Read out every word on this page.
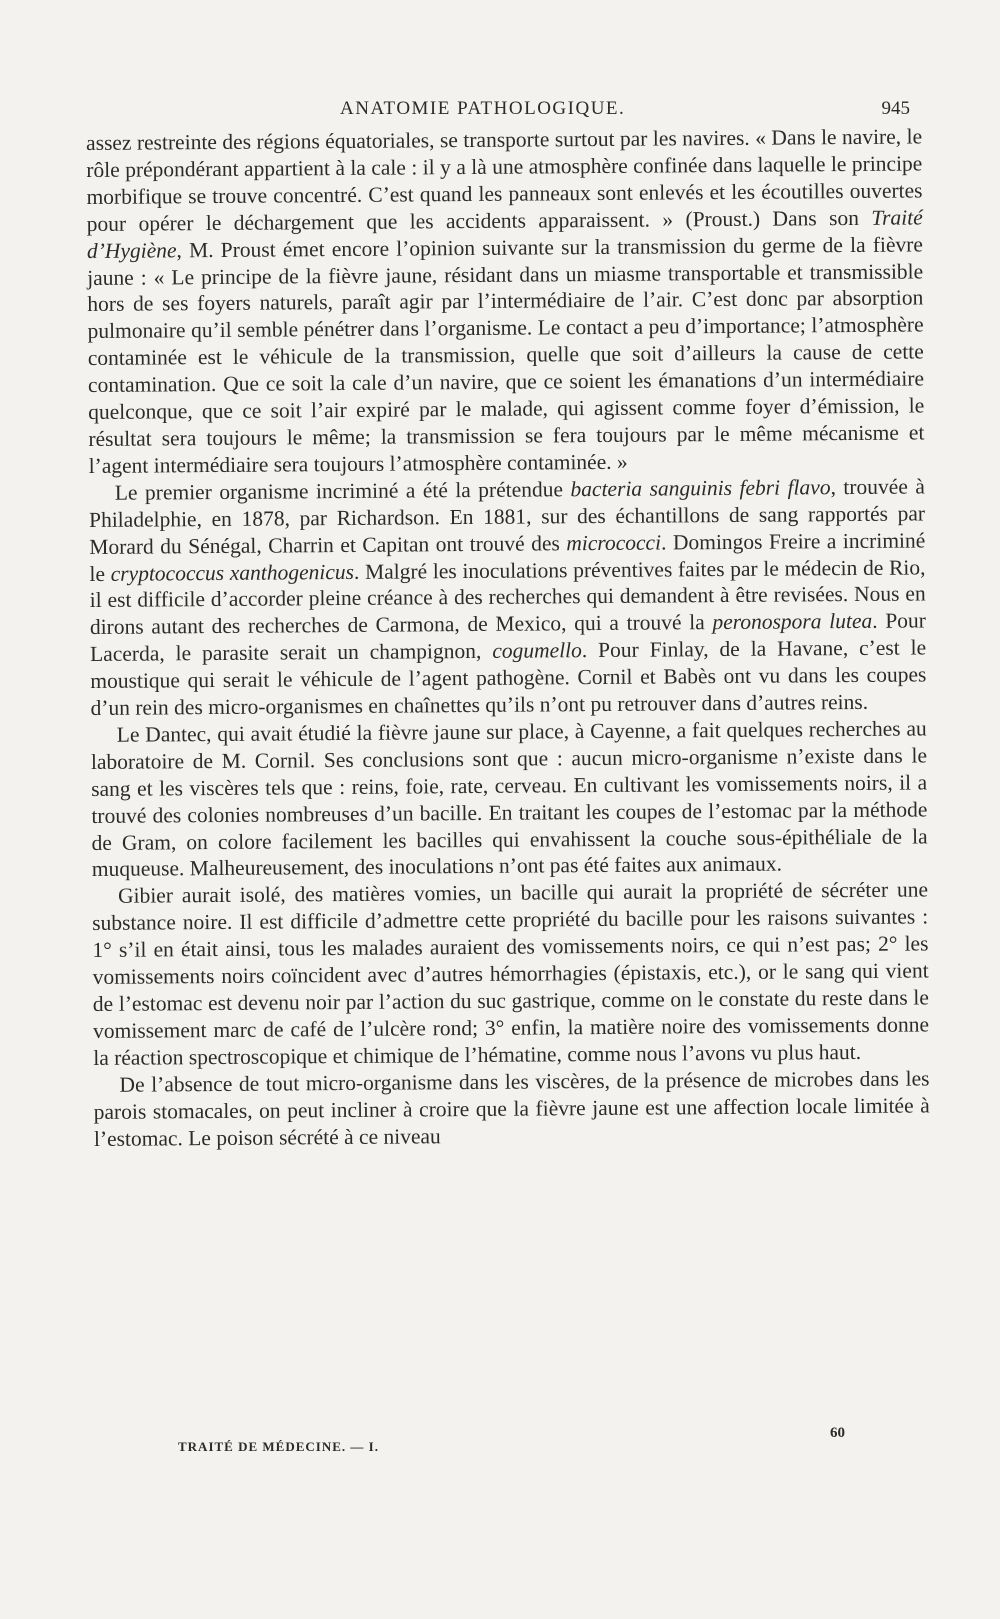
ANATOMIE PATHOLOGIQUE.	945

assez restreinte des régions équatoriales, se transporte surtout par les navires. « Dans le navire, le rôle prépondérant appartient à la cale : il y a là une atmosphère confinée dans laquelle le principe morbifique se trouve concentré. C’est quand les panneaux sont enlevés et les écoutilles ouvertes pour opérer le déchargement que les accidents apparaissent. » (Proust.) Dans son Traité d’Hygiène, M. Proust émet encore l’opinion suivante sur la transmission du germe de la fièvre jaune : « Le principe de la fièvre jaune, résidant dans un miasme transportable et transmissible hors de ses foyers naturels, paraît agir par l’intermédiaire de l’air. C’est donc par absorption pulmonaire qu’il semble pénétrer dans l’organisme. Le contact a peu d’importance; l’atmosphère contaminée est le véhicule de la transmission, quelle que soit d’ailleurs la cause de cette contamination. Que ce soit la cale d’un navire, que ce soient les émanations d’un intermédiaire quelconque, que ce soit l’air expiré par le malade, qui agissent comme foyer d’émission, le résultat sera toujours le même; la transmission se fera toujours par le même mécanisme et l’agent intermédiaire sera toujours l’atmosphère contaminée. »

Le premier organisme incriminé a été la prétendue bacteria sanguinis febri flavo, trouvée à Philadelphie, en 1878, par Richardson. En 1881, sur des échantillons de sang rapportés par Morard du Sénégal, Charrin et Capitan ont trouvé des micrococci. Domingos Freire a incriminé le cryptococcus xanthogenicus. Malgré les inoculations préventives faites par le médecin de Rio, il est difficile d’accorder pleine créance à des recherches qui demandent à être revisées. Nous en dirons autant des recherches de Carmona, de Mexico, qui a trouvé la peronospora lutea. Pour Lacerda, le parasite serait un champignon, cogumello. Pour Finlay, de la Havane, c’est le moustique qui serait le véhicule de l’agent pathogène. Cornil et Babès ont vu dans les coupes d’un rein des micro-organismes en chaînettes qu’ils n’ont pu retrouver dans d’autres reins.

Le Dantec, qui avait étudié la fièvre jaune sur place, à Cayenne, a fait quelques recherches au laboratoire de M. Cornil. Ses conclusions sont que : aucun micro-organisme n’existe dans le sang et les viscères tels que : reins, foie, rate, cerveau. En cultivant les vomissements noirs, il a trouvé des colonies nombreuses d’un bacille. En traitant les coupes de l’estomac par la méthode de Gram, on colore facilement les bacilles qui envahissent la couche sous-épithéliale de la muqueuse. Malheureusement, des inoculations n’ont pas été faites aux animaux.

Gibier aurait isolé, des matières vomies, un bacille qui aurait la propriété de sécréter une substance noire. Il est difficile d’admettre cette propriété du bacille pour les raisons suivantes : 1° s’il en était ainsi, tous les malades auraient des vomissements noirs, ce qui n’est pas; 2° les vomissements noirs coïncident avec d’autres hémorrhagies (épistaxis, etc.), or le sang qui vient de l’estomac est devenu noir par l’action du suc gastrique, comme on le constate du reste dans le vomissement marc de café de l’ulcère rond; 3° enfin, la matière noire des vomissements donne la réaction spectroscopique et chimique de l’hématine, comme nous l’avons vu plus haut.

De l’absence de tout micro-organisme dans les viscères, de la présence de microbes dans les parois stomacales, on peut incliner à croire que la fièvre jaune est une affection locale limitée à l’estomac. Le poison sécrété à ce niveau

TRAITÉ DE MÉDECINE. — I.
60
